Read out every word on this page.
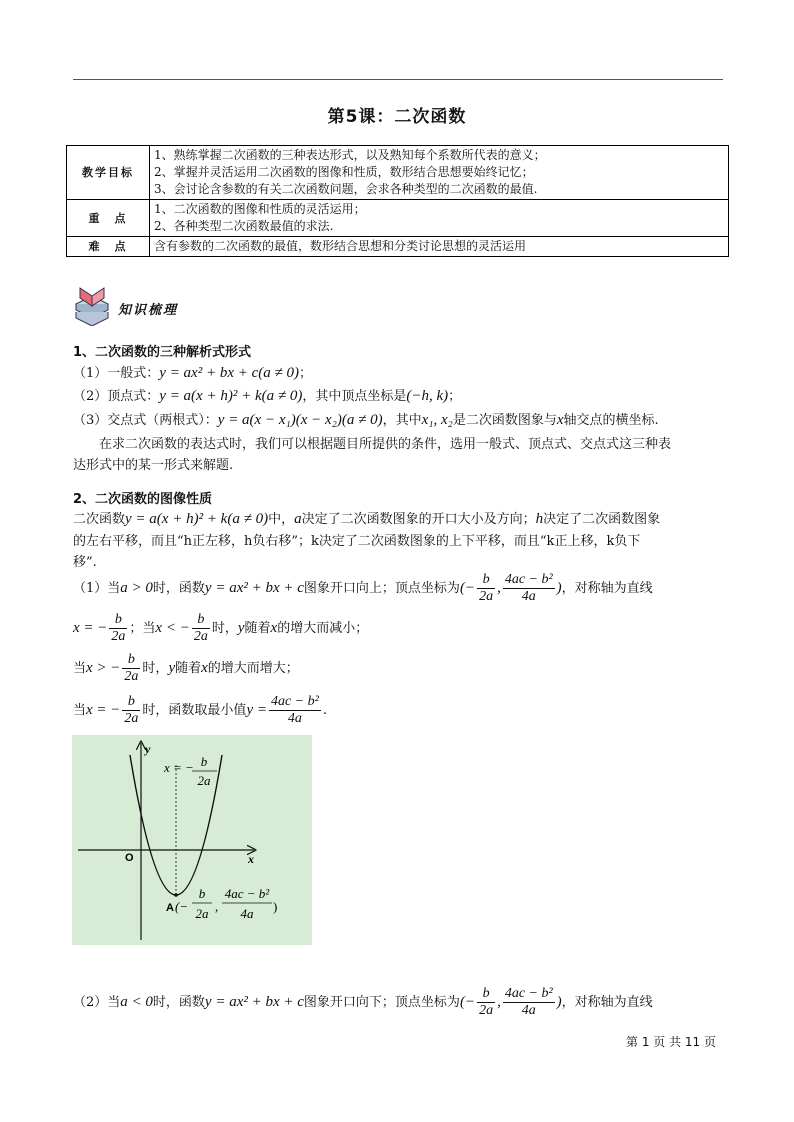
第5课：二次函数
教学目标	1、熟练掌握二次函数的三种表达形式，以及熟知每个系数所代表的意义；
2、掌握并灵活运用二次函数的图像和性质，数形结合思想要始终记忆；
3、会讨论含参数的有关二次函数问题，会求各种类型的二次函数的最值.

重　点	1、二次函数的图像和性质的灵活运用；
2、各种类型二次函数最值的求法.

难　点	含有参数的二次函数的最值，数形结合思想和分类讨论思想的灵活运用
知识梳理
1、二次函数的三种解析式形式
（1）一般式：y = ax² + bx + c(a ≠ 0)；
（2）顶点式：y = a(x + h)² + k(a ≠ 0)，其中顶点坐标是(−h, k)；
（3）交点式（两根式）：y = a(x − x₁)(x − x₂)(a ≠ 0)，其中x₁, x₂是二次函数图象与x轴交点的横坐标.
在求二次函数的表达式时，我们可以根据题目所提供的条件，选用一般式、顶点式、交点式这三种表
达形式中的某一形式来解题.
2、二次函数的图像性质
二次函数y = a(x + h)² + k(a ≠ 0)中，a决定了二次函数图象的开口大小及方向；h决定了二次函数图象
的左右平移，而且“h正左移，h负右移”；k决定了二次函数图象的上下平移，而且“k正上移，k负下
移”.
（1）当a > 0时，函数y = ax² + bx + c图象开口向上；顶点坐标为(− $\frac{b}{2a}$ , $\frac{\text{4ac − b²}}{4a}$ )，对称轴为直线
x = − $\frac{b}{2a}$ ；当x < − $\frac{b}{2a}$ 时，y随着x的增大而减小；
当x > − $\frac{b}{2a}$ 时，y随着x的增大而增大；
当x = − $\frac{b}{2a}$ 时，函数取最小值$y = \frac{\text{4ac − b²}}{4a}$ .
y
x
O
x = − b
2a
A (−
b
2a ,
4ac − b²
4a )
（2）当a < 0时，函数y = ax² + bx + c图象开口向下；顶点坐标为(− $\frac{b}{2a}$ , $\frac{\text{4ac − b²}}{4a}$ )，对称轴为直线
第 1 页 共 11 页
